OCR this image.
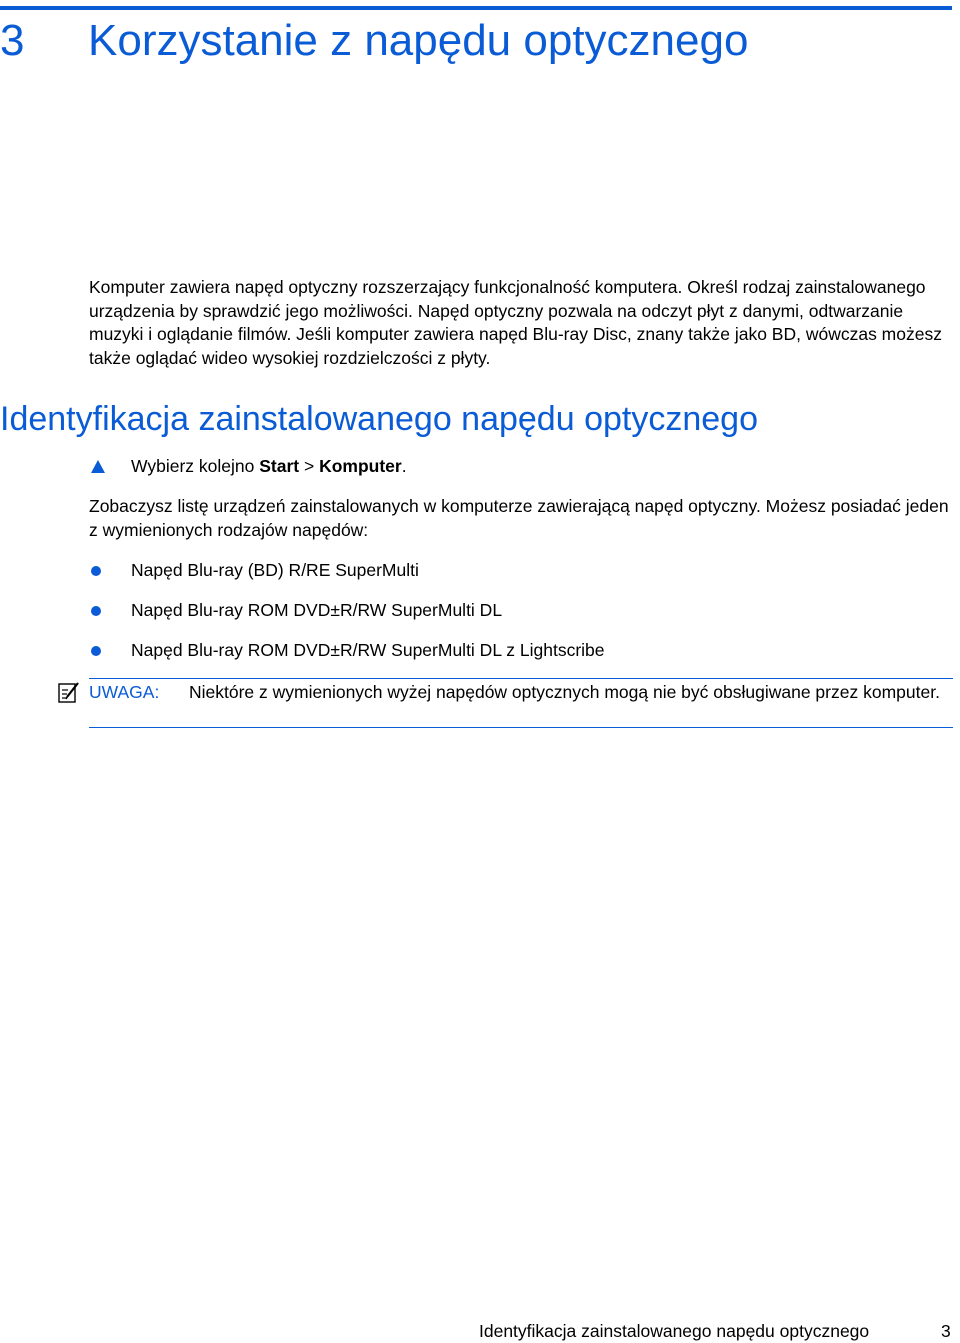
3 Korzystanie z napędu optycznego

Komputer zawiera napęd optyczny rozszerzający funkcjonalność komputera. Określ rodzaj zainstalowanego urządzenia by sprawdzić jego możliwości. Napęd optyczny pozwala na odczyt płyt z danymi, odtwarzanie muzyki i oglądanie filmów. Jeśli komputer zawiera napęd Blu-ray Disc, znany także jako BD, wówczas możesz także oglądać wideo wysokiej rozdzielczości z płyty.

Identyfikacja zainstalowanego napędu optycznego
Wybierz kolejno Start > Komputer.

Zobaczysz listę urządzeń zainstalowanych w komputerze zawierającą napęd optyczny. Możesz posiadać jeden z wymienionych rodzajów napędów:

Napęd Blu-ray (BD) R/RE SuperMulti
Napęd Blu-ray ROM DVD±R/RW SuperMulti DL
Napęd Blu-ray ROM DVD±R/RW SuperMulti DL z Lightscribe

UWAGA: Niektóre z wymienionych wyżej napędów optycznych mogą nie być obsługiwane przez komputer.

Identyfikacja zainstalowanego napędu optycznego	3
